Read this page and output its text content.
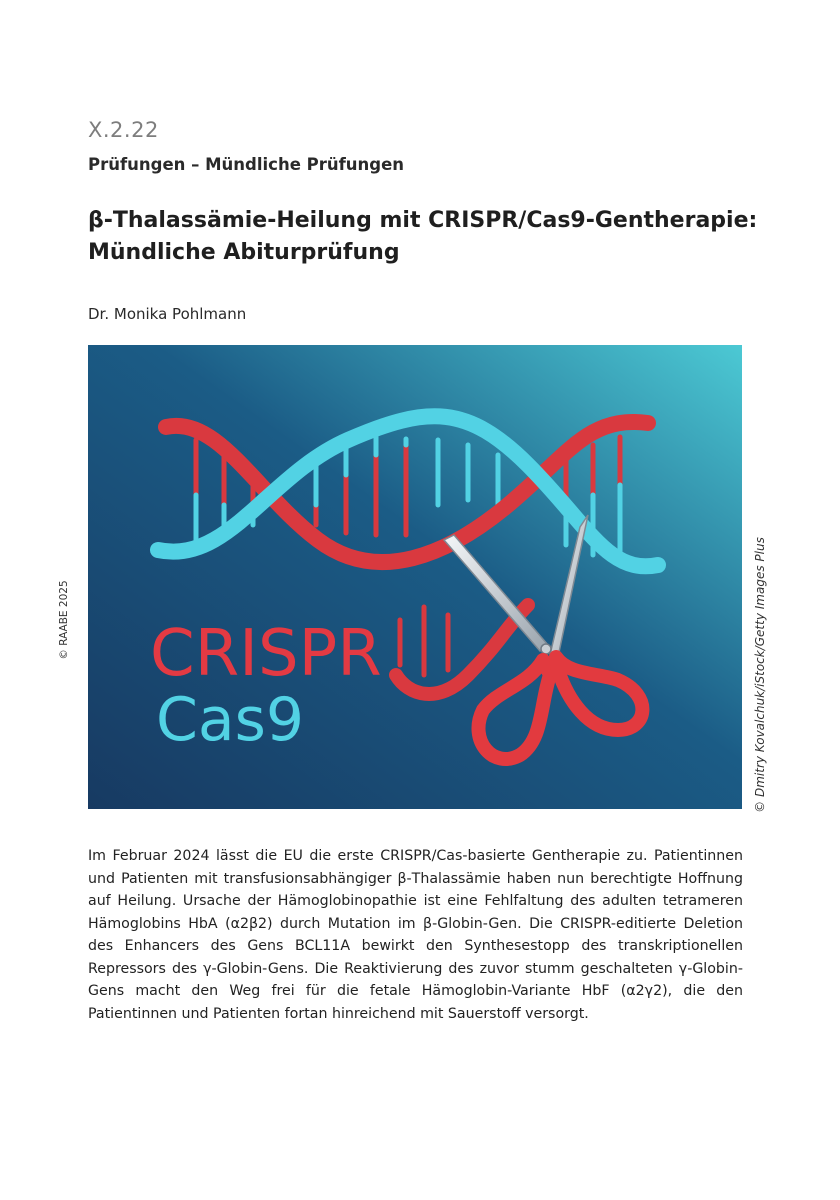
X.2.22
Prüfungen – Mündliche Prüfungen
β-Thalassämie-Heilung mit CRISPR/Cas9-Gentherapie:
Mündliche Abiturprüfung
Dr. Monika Pohlmann
© RAABE 2025 CRISPR
Cas9	© Dmitry Kovalchuk/iStock/Getty Images Plus

Im Februar 2024 lässt die EU die erste CRISPR/Cas-basierte Gentherapie zu. Patientinnen und Patienten mit transfusionsabhängiger β-Thalassämie haben nun berechtigte Hoffnung auf Heilung. Ursache der Hämoglobinopathie ist eine Fehlfaltung des adulten tetrameren Hämoglobins HbA (α2β2) durch Mutation im β-Globin-Gen. Die CRISPR-editierte Deletion des Enhancers des Gens BCL11A bewirkt den Synthesestopp des transkriptionellen Repressors des γ-Globin-Gens. Die Reaktivierung des zuvor stumm geschalteten γ-Globin-Gens macht den Weg frei für die fetale Hämoglobin-Variante HbF (α2γ2), die den Patientinnen und Patienten fortan hinreichend mit Sauerstoff versorgt.
